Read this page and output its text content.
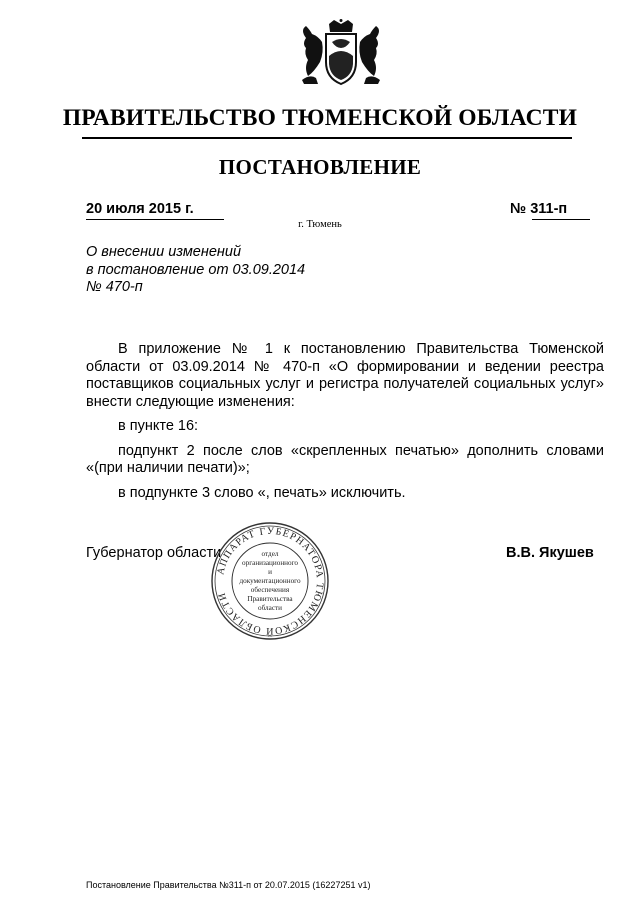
ПРАВИТЕЛЬСТВО ТЮМЕНСКОЙ ОБЛАСТИ
ПОСТАНОВЛЕНИЕ
20 июля 2015 г.
г. Тюмень
№ 311-п
О внесении изменений
в постановление от 03.09.2014
№ 470-п

В приложение № 1 к постановлению Правительства Тюменской области от 03.09.2014 № 470-п «О формировании и ведении реестра поставщиков социальных услуг и регистра получателей социальных услуг» внести следующие изменения:

в пункте 16:

подпункт 2 после слов «скрепленных печатью» дополнить словами «(при наличии печати)»;

в подпункте 3 слово «, печать» исключить.

Губернатор области	В.В. Якушев
АППАРАТ ГУБЕРНАТОРА ТЮМЕНСКОЙ ОБЛАСТИ
отдел
организационного
и
документационного
обеспечения
Правительства
области
Постановление Правительства №311-п от 20.07.2015 (16227251 v1)
